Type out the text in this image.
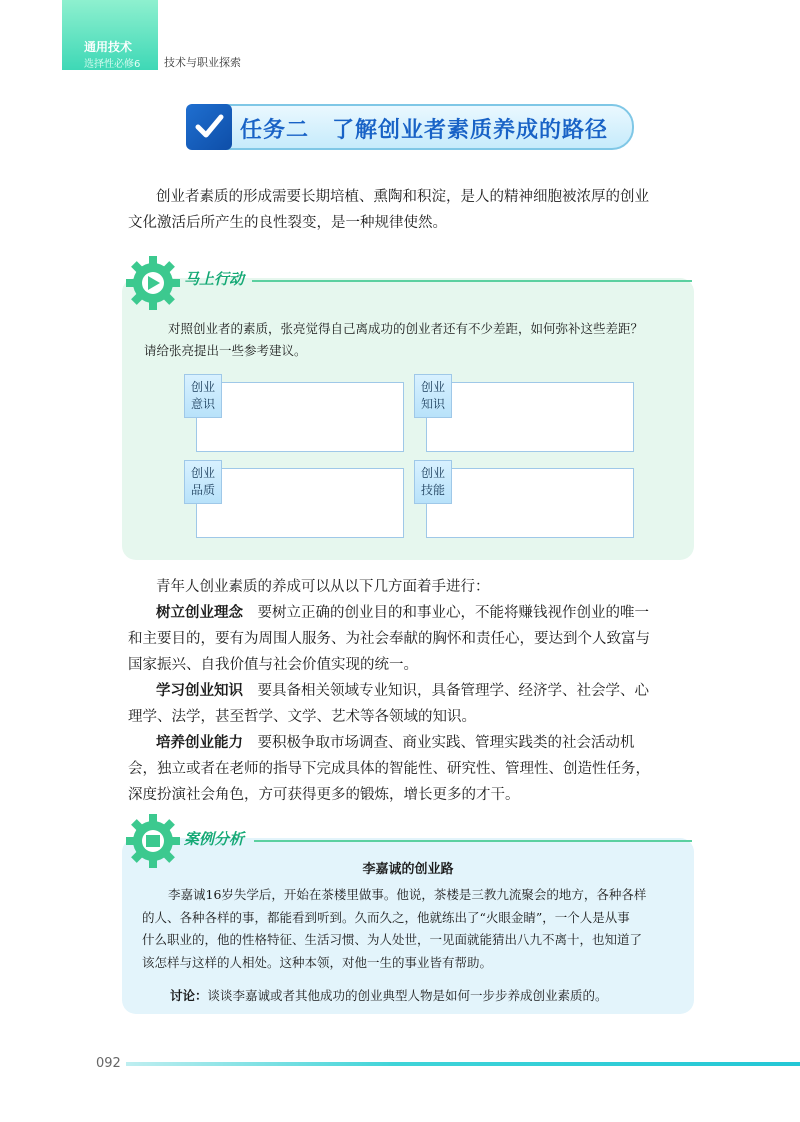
通用技术
选择性必修6 技术与职业探索
任务二　了解创业者素质养成的路径
创业者素质的形成需要长期培植、熏陶和积淀，是人的精神细胞被浓厚的创业
文化激活后所产生的良性裂变，是一种规律使然。
马上行动
对照创业者的素质，张亮觉得自己离成功的创业者还有不少差距，如何弥补这些差距？
请给张亮提出一些参考建议。
创业
意识
创业
知识
创业
品质
创业
技能
青年人创业素质的养成可以从以下几方面着手进行：
树立创业理念　 要树立正确的创业目的和事业心，不能将赚钱视作创业的唯一
和主要目的，要有为周围人服务、为社会奉献的胸怀和责任心，要达到个人致富与
国家振兴、自我价值与社会价值实现的统一。
学习创业知识　 要具备相关领域专业知识，具备管理学、经济学、社会学、心
理学、法学，甚至哲学、文学、艺术等各领域的知识。
培养创业能力　 要积极争取市场调查、商业实践、管理实践类的社会活动机
会，独立或者在老师的指导下完成具体的智能性、研究性、管理性、创造性任务，
深度扮演社会角色，方可获得更多的锻炼，增长更多的才干。
案例分析
李嘉诚的创业路
李嘉诚16岁失学后，开始在茶楼里做事。他说，茶楼是三教九流聚会的地方，各种各样
的人、各种各样的事，都能看到听到。久而久之，他就练出了“火眼金睛”，一个人是从事
什么职业的，他的性格特征、生活习惯、为人处世，一见面就能猜出八九不离十，也知道了
该怎样与这样的人相处。这种本领，对他一生的事业皆有帮助。
讨论：谈谈李嘉诚或者其他成功的创业典型人物是如何一步步养成创业素质的。
092
